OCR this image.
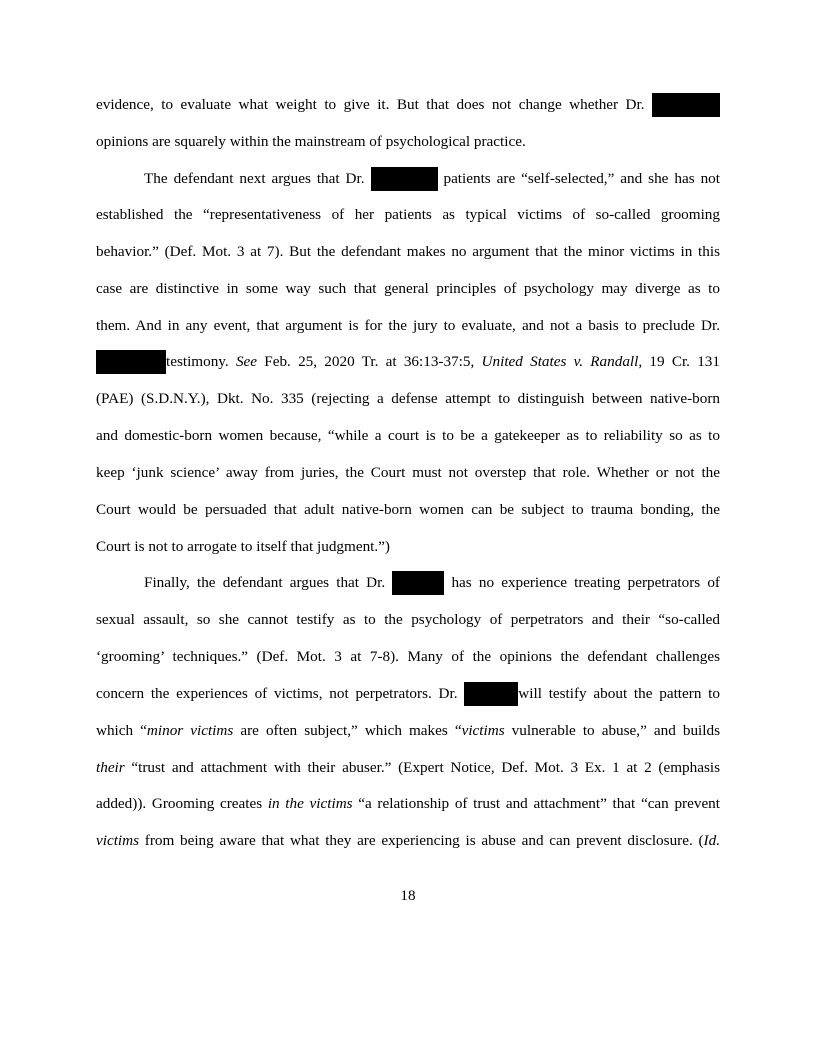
evidence, to evaluate what weight to give it. But that does not change whether Dr.
opinions are squarely within the mainstream of psychological practice.
The defendant next argues that Dr.	patients are “self-selected,” and she has not
established the “representativeness of her patients as typical victims of so-called grooming
behavior.” (Def. Mot. 3 at 7). But the defendant makes no argument that the minor victims in this
case are distinctive in some way such that general principles of psychology may diverge as to
them. And in any event, that argument is for the jury to evaluate, and not a basis to preclude Dr.
testimony. See Feb. 25, 2020 Tr. at 36:13-37:5, United States v. Randall, 19 Cr. 131
(PAE) (S.D.N.Y.), Dkt. No. 335 (rejecting a defense attempt to distinguish between native-born
and domestic-born women because, “while a court is to be a gatekeeper as to reliability so as to
keep ‘junk science’ away from juries, the Court must not overstep that role. Whether or not the
Court would be persuaded that adult native-born women can be subject to trauma bonding, the
Court is not to arrogate to itself that judgment.”)
Finally, the defendant argues that Dr.	has no experience treating perpetrators of
sexual assault, so she cannot testify as to the psychology of perpetrators and their “so-called
‘grooming’ techniques.” (Def. Mot. 3 at 7-8). Many of the opinions the defendant challenges
concern the experiences of victims, not perpetrators. Dr.	will testify about the pattern to
which “minor victims are often subject,” which makes “victims vulnerable to abuse,” and builds
their “trust and attachment with their abuser.” (Expert Notice, Def. Mot. 3 Ex. 1 at 2 (emphasis
added)). Grooming creates in the victims “a relationship of trust and attachment” that “can prevent
victims from being aware that what they are experiencing is abuse and can prevent disclosure. (Id.
18
